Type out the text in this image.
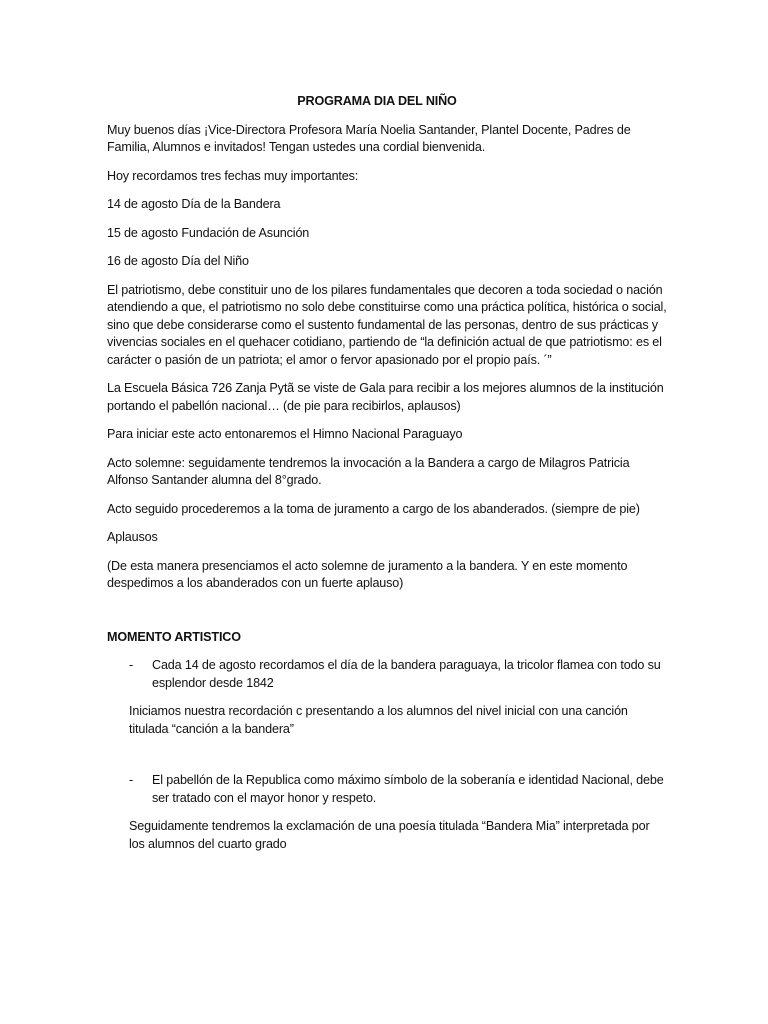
PROGRAMA DIA DEL NIÑO

Muy buenos días ¡Vice-Directora Profesora María Noelia Santander, Plantel Docente, Padres de Familia, Alumnos e invitados! Tengan ustedes una cordial bienvenida.

Hoy recordamos tres fechas muy importantes:

14 de agosto Día de la Bandera

15 de agosto Fundación de Asunción

16 de agosto Día del Niño

El patriotismo, debe constituir uno de los pilares fundamentales que decoren a toda sociedad o nación atendiendo a que, el patriotismo no solo debe constituirse como una práctica política, histórica o social, sino que debe considerarse como el sustento fundamental de las personas, dentro de sus prácticas y vivencias sociales en el quehacer cotidiano, partiendo de “la definición actual de que patriotismo: es el carácter o pasión de un patriota; el amor o fervor apasionado por el propio país. ´”

La Escuela Básica 726 Zanja Pytã se viste de Gala para recibir a los mejores alumnos de la institución portando el pabellón nacional… (de pie para recibirlos, aplausos)

Para iniciar este acto entonaremos el Himno Nacional Paraguayo

Acto solemne: seguidamente tendremos la invocación a la Bandera a cargo de Milagros Patricia Alfonso Santander alumna del 8°grado.

Acto seguido procederemos a la toma de juramento a cargo de los abanderados. (siempre de pie)

Aplausos

(De esta manera presenciamos el acto solemne de juramento a la bandera. Y en este momento despedimos a los abanderados con un fuerte aplauso)

MOMENTO ARTISTICO
-	Cada 14 de agosto recordamos el día de la bandera paraguaya, la tricolor flamea con todo su esplendor desde 1842
Iniciamos nuestra recordación c presentando a los alumnos del nivel inicial con una canción titulada “canción a la bandera”
-	El pabellón de la Republica como máximo símbolo de la soberanía e identidad Nacional, debe ser tratado con el mayor honor y respeto.
Seguidamente tendremos la exclamación de una poesía titulada “Bandera Mia” interpretada por los alumnos del cuarto grado
